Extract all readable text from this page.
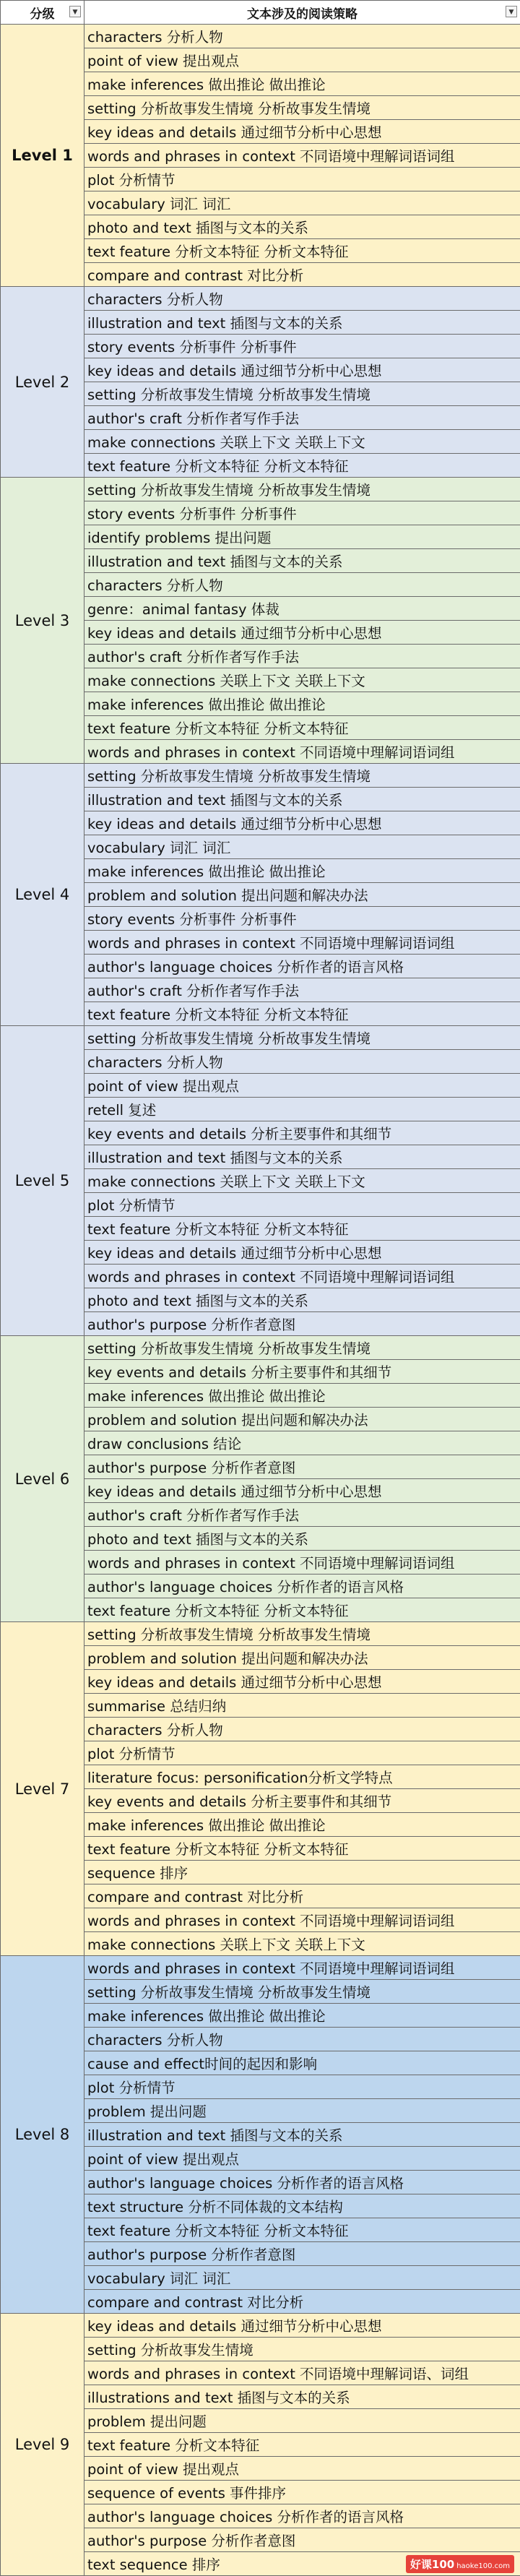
分级 ▼	文本涉及的阅读策略 ▼

Level 1	characters 分析人物
	point of view 提出观点
	make inferences 做出推论 做出推论
	setting 分析故事发生情境 分析故事发生情境
	key ideas and details 通过细节分析中心思想
	words and phrases in context 不同语境中理解词语词组
	plot 分析情节
	vocabulary 词汇 词汇
	photo and text 插图与文本的关系
	text feature 分析文本特征 分析文本特征
	compare and contrast 对比分析
Level 2	characters 分析人物
	illustration and text 插图与文本的关系
	story events 分析事件 分析事件
	key ideas and details 通过细节分析中心思想
	setting 分析故事发生情境 分析故事发生情境
	author's craft 分析作者写作手法
	make connections 关联上下文 关联上下文
	text feature 分析文本特征 分析文本特征
Level 3	setting 分析故事发生情境 分析故事发生情境
	story events 分析事件 分析事件
	identify problems 提出问题
	illustration and text 插图与文本的关系
	characters 分析人物
	genre：animal fantasy 体裁
	key ideas and details 通过细节分析中心思想
	author's craft 分析作者写作手法
	make connections 关联上下文 关联上下文
	make inferences 做出推论 做出推论
	text feature 分析文本特征 分析文本特征
	words and phrases in context 不同语境中理解词语词组
Level 4	setting 分析故事发生情境 分析故事发生情境
	illustration and text 插图与文本的关系
	key ideas and details 通过细节分析中心思想
	vocabulary 词汇 词汇
	make inferences 做出推论 做出推论
	problem and solution 提出问题和解决办法
	story events 分析事件 分析事件
	words and phrases in context 不同语境中理解词语词组
	author's language choices 分析作者的语言风格
	author's craft 分析作者写作手法
	text feature 分析文本特征 分析文本特征
Level 5	setting 分析故事发生情境 分析故事发生情境
	characters 分析人物
	point of view 提出观点
	retell 复述
	key events and details 分析主要事件和其细节
	illustration and text 插图与文本的关系
	make connections 关联上下文 关联上下文
	plot 分析情节
	text feature 分析文本特征 分析文本特征
	key ideas and details 通过细节分析中心思想
	words and phrases in context 不同语境中理解词语词组
	photo and text 插图与文本的关系
	author's purpose 分析作者意图
Level 6	setting 分析故事发生情境 分析故事发生情境
	key events and details 分析主要事件和其细节
	make inferences 做出推论 做出推论
	problem and solution 提出问题和解决办法
	draw conclusions 结论
	author's purpose 分析作者意图
	key ideas and details 通过细节分析中心思想
	author's craft 分析作者写作手法
	photo and text 插图与文本的关系
	words and phrases in context 不同语境中理解词语词组
	author's language choices 分析作者的语言风格
	text feature 分析文本特征 分析文本特征
Level 7	setting 分析故事发生情境 分析故事发生情境
	problem and solution 提出问题和解决办法
	key ideas and details 通过细节分析中心思想
	summarise 总结归纳
	characters 分析人物
	plot 分析情节
	literature focus: personification分析文学特点
	key events and details 分析主要事件和其细节
	make inferences 做出推论 做出推论
	text feature 分析文本特征 分析文本特征
	sequence 排序
	compare and contrast 对比分析
	words and phrases in context 不同语境中理解词语词组
	make connections 关联上下文 关联上下文
Level 8	words and phrases in context 不同语境中理解词语词组
	setting 分析故事发生情境 分析故事发生情境
	make inferences 做出推论 做出推论
	characters 分析人物
	cause and effect时间的起因和影响
	plot 分析情节
	problem 提出问题
	illustration and text 插图与文本的关系
	point of view 提出观点
	author's language choices 分析作者的语言风格
	text structure 分析不同体裁的文本结构
	text feature 分析文本特征 分析文本特征
	author's purpose 分析作者意图
	vocabulary 词汇 词汇
	compare and contrast 对比分析
Level 9	key ideas and details 通过细节分析中心思想
	setting 分析故事发生情境
	words and phrases in context 不同语境中理解词语、词组
	illustrations and text 插图与文本的关系
	problem 提出问题
	text feature 分析文本特征
	point of view 提出观点
	sequence of events 事件排序
	author's language choices 分析作者的语言风格
	author's purpose 分析作者意图
	text sequence 排序	好课100 haoke100.com
